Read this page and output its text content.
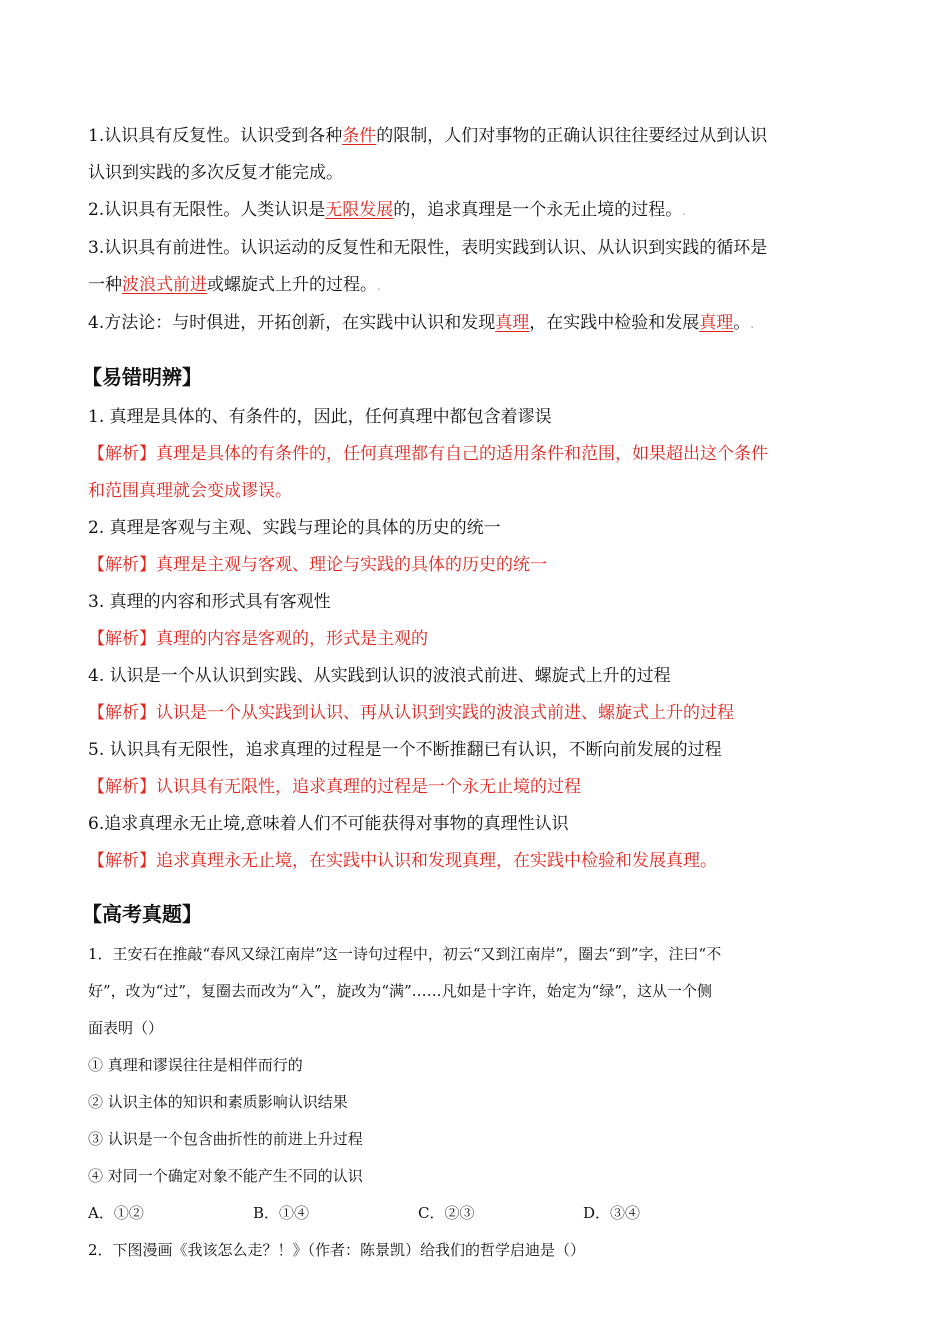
1.认识具有反复性。认识受到各种条件的限制，人们对事物的正确认识往往要经过从到认识

认识到实践的多次反复才能完成。

2.认识具有无限性。人类认识是无限发展的，追求真理是一个永无止境的过程。.

3.认识具有前进性。认识运动的反复性和无限性，表明实践到认识、从认识到实践的循环是

一种波浪式前进或螺旋式上升的过程。.

4.方法论：与时俱进，开拓创新，在实践中认识和发现真理，在实践中检验和发展真理。.

【易错明辨】

1. 真理是具体的、有条件的，因此，任何真理中都包含着谬误

【解析】真理是具体的有条件的，任何真理都有自己的适用条件和范围，如果超出这个条件

和范围真理就会变成谬误。

2. 真理是客观与主观、实践与理论的具体的历史的统一

【解析】真理是主观与客观、理论与实践的具体的历史的统一

3. 真理的内容和形式具有客观性

【解析】真理的内容是客观的，形式是主观的

4. 认识是一个从认识到实践、从实践到认识的波浪式前进、螺旋式上升的过程

【解析】认识是一个从实践到认识、再从认识到实践的波浪式前进、螺旋式上升的过程

5. 认识具有无限性，追求真理的过程是一个不断推翻已有认识，不断向前发展的过程

【解析】认识具有无限性，追求真理的过程是一个永无止境的过程

6.追求真理永无止境,意味着人们不可能获得对事物的真理性认识

【解析】追求真理永无止境，在实践中认识和发现真理，在实践中检验和发展真理。

【高考真题】

1．王安石在推敲“春风又绿江南岸”这一诗句过程中，初云“又到江南岸”，圈去“到”字，注曰“不

好”，改为“过”，复圈去而改为“入”，旋改为“满”……凡如是十字许，始定为“绿”，这从一个侧

面表明（）

① 真理和谬误往往是相伴而行的

② 认识主体的知识和素质影响认识结果

③ 认识是一个包含曲折性的前进上升过程

④ 对同一个确定对象不能产生不同的认识

A．①②	B．①④	C．②③	D．③④

2．下图漫画《我该怎么走？！》（作者：陈景凯）给我们的哲学启迪是（）
